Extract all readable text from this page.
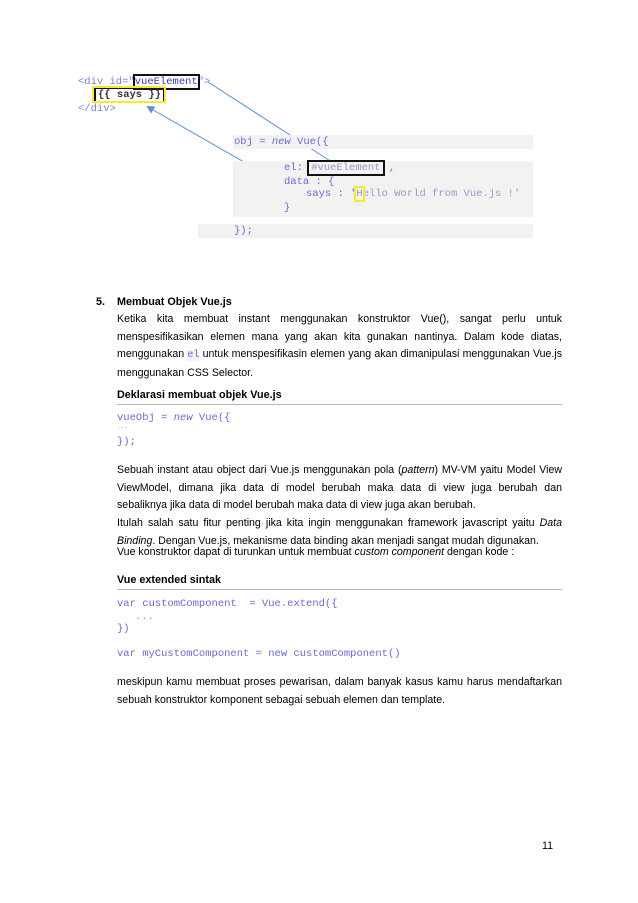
<div id="vueElement">
{{ says }}
</div>
obj = new Vue({
el: #vueElement ,
data : {
says : 'Hello World from Vue.js !'
}
});
5. Membuat Objek Vue.js
Ketika kita membuat instant menggunakan konstruktor Vue(), sangat perlu untuk menspesifikasikan elemen mana yang akan kita gunakan nantinya. Dalam kode diatas, menggunakan el untuk menspesifikasin elemen yang akan dimanipulasi menggunakan Vue.js menggunakan CSS Selector.
Deklarasi membuat objek Vue.js
vueObj = new Vue({
...
});
Sebuah instant atau object dari Vue.js menggunakan pola (pattern) MV-VM yaitu Model View ViewModel, dimana jika data di model berubah maka data di view juga berubah dan sebaliknya jika data di model berubah maka data di view juga akan berubah.
Itulah salah satu fitur penting jika kita ingin menggunakan framework javascript yaitu Data Binding. Dengan Vue.js, mekanisme data binding akan menjadi sangat mudah digunakan.
Vue konstruktor dapat di turunkan untuk membuat custom component dengan kode :
Vue extended sintak
var customComponent  = Vue.extend({
...
})
var myCustomComponent = new customComponent()
meskipun kamu membuat proses pewarisan, dalam banyak kasus kamu harus mendaftarkan sebuah konstruktor komponent sebagai sebuah elemen dan template.
11
